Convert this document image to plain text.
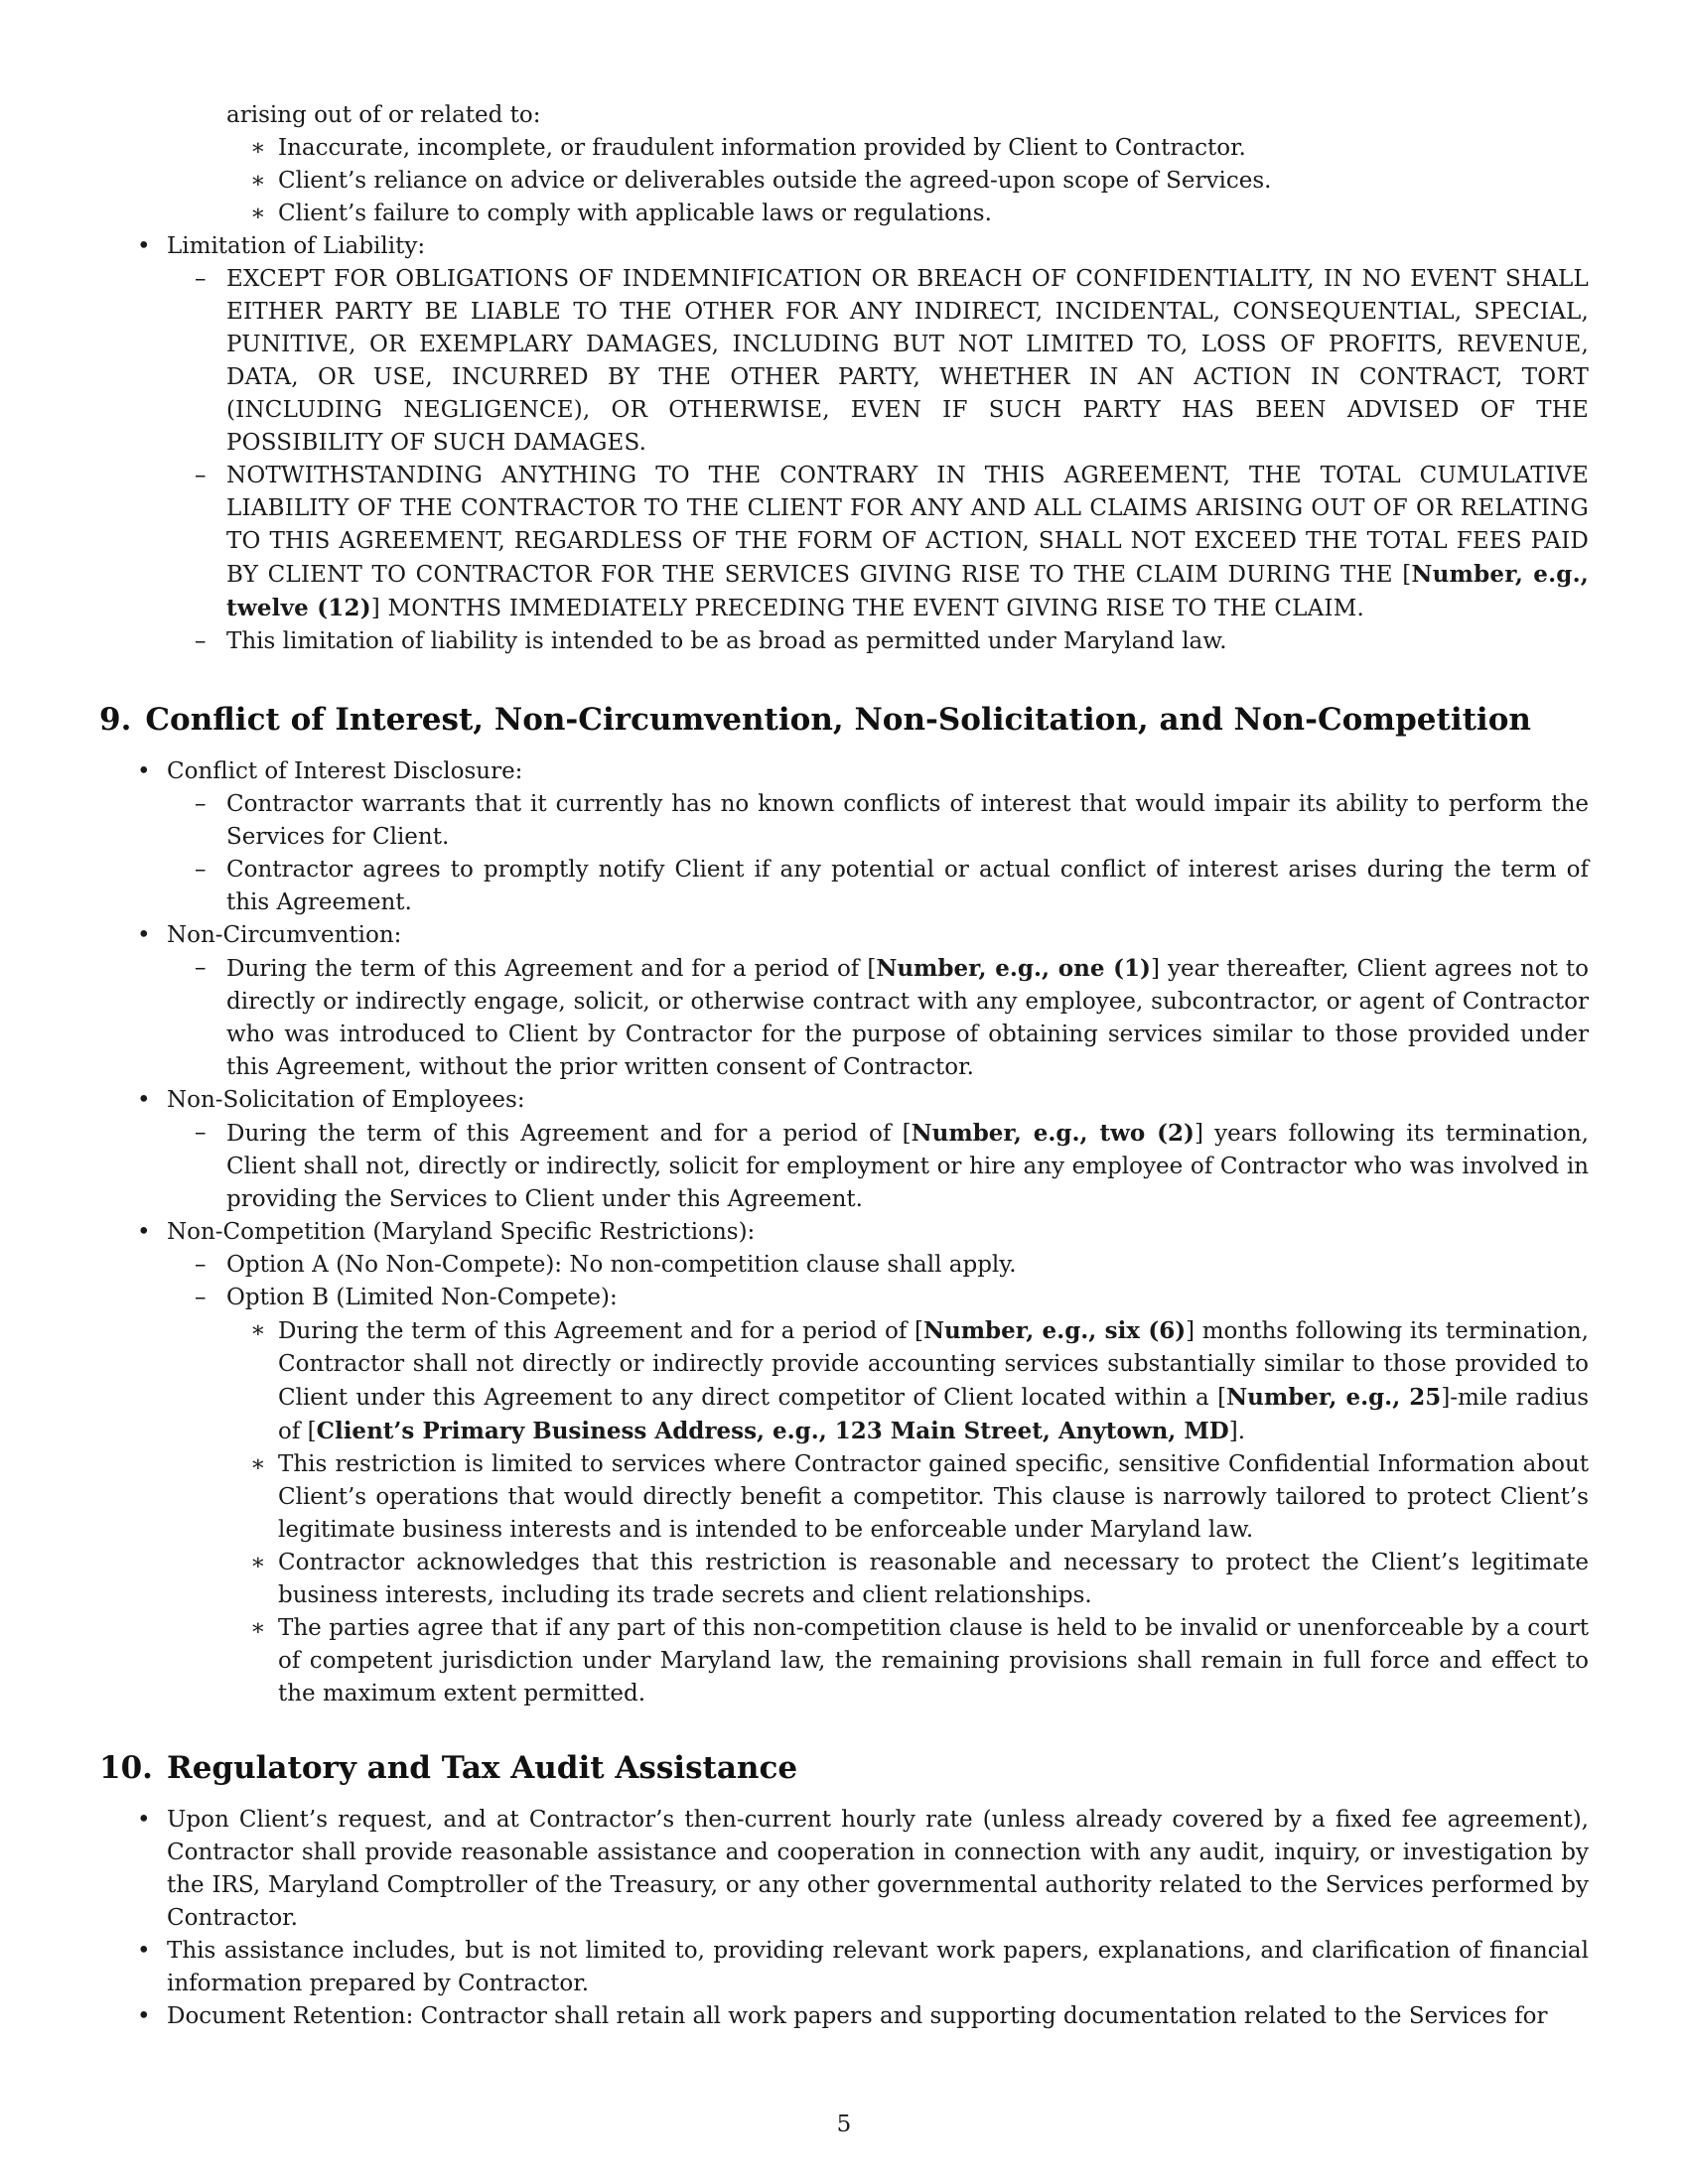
arising out of or related to:

∗ Inaccurate, incomplete, or fraudulent information provided by Client to Contractor.
∗ Client’s reliance on advice or deliverables outside the agreed-upon scope of Services.
∗ Client’s failure to comply with applicable laws or regulations.
• Limitation of Liability:
– EXCEPT FOR OBLIGATIONS OF INDEMNIFICATION OR BREACH OF CONFIDENTIALITY, IN NO EVENT SHALL EITHER PARTY BE LIABLE TO THE OTHER FOR ANY INDIRECT, INCIDENTAL, CONSEQUENTIAL, SPECIAL, PUNITIVE, OR EXEMPLARY DAMAGES, INCLUDING BUT NOT LIMITED TO, LOSS OF PROFITS, REVENUE, DATA, OR USE, INCURRED BY THE OTHER PARTY, WHETHER IN AN ACTION IN CONTRACT, TORT (INCLUDING NEGLIGENCE), OR OTHERWISE, EVEN IF SUCH PARTY HAS BEEN ADVISED OF THE POSSIBILITY OF SUCH DAMAGES.
– NOTWITHSTANDING ANYTHING TO THE CONTRARY IN THIS AGREEMENT, THE TOTAL CUMULATIVE LIABILITY OF THE CONTRACTOR TO THE CLIENT FOR ANY AND ALL CLAIMS ARISING OUT OF OR RELATING TO THIS AGREEMENT, REGARDLESS OF THE FORM OF ACTION, SHALL NOT EXCEED THE TOTAL FEES PAID BY CLIENT TO CONTRACTOR FOR THE SERVICES GIVING RISE TO THE CLAIM DURING THE [Number, e.g., twelve (12)] MONTHS IMMEDIATELY PRECEDING THE EVENT GIVING RISE TO THE CLAIM.
– This limitation of liability is intended to be as broad as permitted under Maryland law.
9. Conflict of Interest, Non-Circumvention, Non-Solicitation, and Non-Competition
• Conflict of Interest Disclosure:
– Contractor warrants that it currently has no known conflicts of interest that would impair its ability to perform the Services for Client.
– Contractor agrees to promptly notify Client if any potential or actual conflict of interest arises during the term of this Agreement.
• Non-Circumvention:
– During the term of this Agreement and for a period of [Number, e.g., one (1)] year thereafter, Client agrees not to directly or indirectly engage, solicit, or otherwise contract with any employee, subcontractor, or agent of Contractor who was introduced to Client by Contractor for the purpose of obtaining services similar to those provided under this Agreement, without the prior written consent of Contractor.
• Non-Solicitation of Employees:
– During the term of this Agreement and for a period of [Number, e.g., two (2)] years following its termination, Client shall not, directly or indirectly, solicit for employment or hire any employee of Contractor who was involved in providing the Services to Client under this Agreement.
• Non-Competition (Maryland Specific Restrictions):
– Option A (No Non-Compete): No non-competition clause shall apply.
– Option B (Limited Non-Compete):
∗ During the term of this Agreement and for a period of [Number, e.g., six (6)] months following its termination, Contractor shall not directly or indirectly provide accounting services substantially similar to those provided to Client under this Agreement to any direct competitor of Client located within a [Number, e.g., 25]-mile radius of [Client’s Primary Business Address, e.g., 123 Main Street, Anytown, MD].
∗ This restriction is limited to services where Contractor gained specific, sensitive Confidential Information about Client’s operations that would directly benefit a competitor. This clause is narrowly tailored to protect Client’s legitimate business interests and is intended to be enforceable under Maryland law.
∗ Contractor acknowledges that this restriction is reasonable and necessary to protect the Client’s legitimate business interests, including its trade secrets and client relationships.
∗ The parties agree that if any part of this non-competition clause is held to be invalid or unenforceable by a court of competent jurisdiction under Maryland law, the remaining provisions shall remain in full force and effect to the maximum extent permitted.
10. Regulatory and Tax Audit Assistance
• Upon Client’s request, and at Contractor’s then-current hourly rate (unless already covered by a fixed fee agreement), Contractor shall provide reasonable assistance and cooperation in connection with any audit, inquiry, or investigation by the IRS, Maryland Comptroller of the Treasury, or any other governmental authority related to the Services performed by Contractor.
• This assistance includes, but is not limited to, providing relevant work papers, explanations, and clarification of financial information prepared by Contractor.
• Document Retention: Contractor shall retain all work papers and supporting documentation related to the Services for
5
